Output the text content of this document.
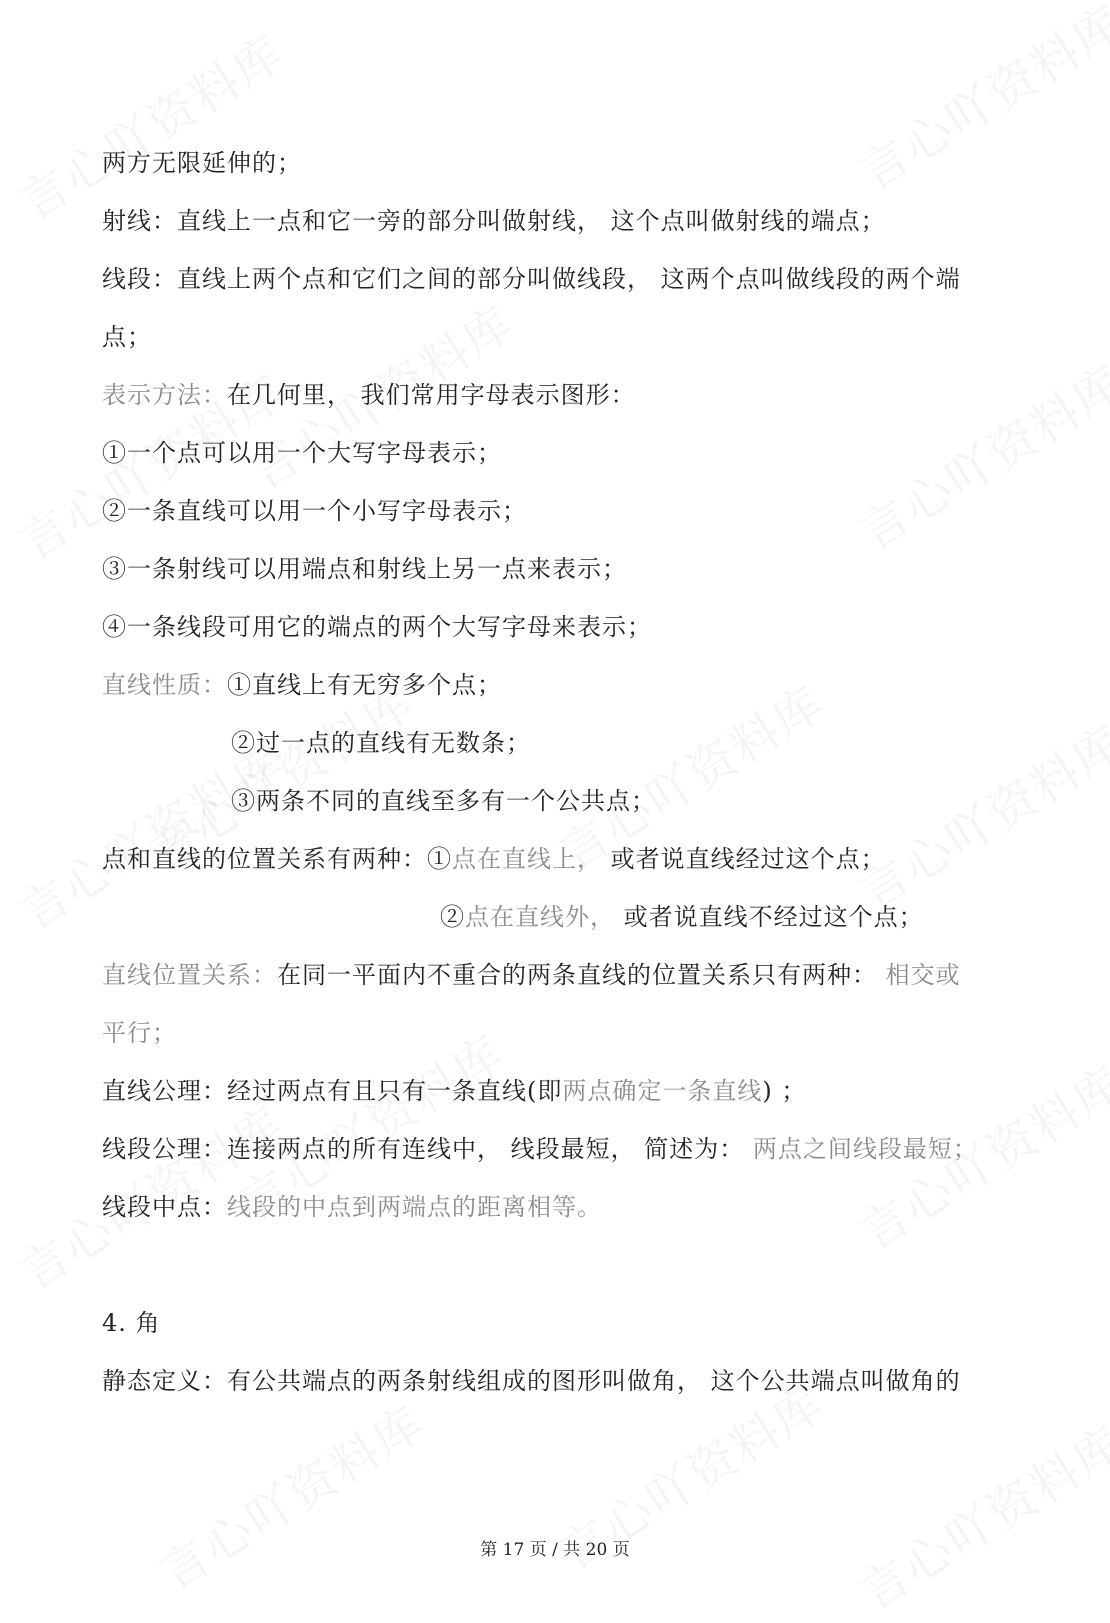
两方无限延伸的；
射线：直线上一点和它一旁的部分叫做射线， 这个点叫做射线的端点；
线段：直线上两个点和它们之间的部分叫做线段， 这两个点叫做线段的两个端
点；
表示方法：在几何里， 我们常用字母表示图形：
①一个点可以用一个大写字母表示；
②一条直线可以用一个小写字母表示；
③一条射线可以用端点和射线上另一点来表示；
④一条线段可用它的端点的两个大写字母来表示；
直线性质：①直线上有无穷多个点；
②过一点的直线有无数条；
③两条不同的直线至多有一个公共点；
点和直线的位置关系有两种：①点在直线上， 或者说直线经过这个点；
②点在直线外， 或者说直线不经过这个点；
直线位置关系：在同一平面内不重合的两条直线的位置关系只有两种： 相交或
平行；
直线公理：经过两点有且只有一条直线(即两点确定一条直线) ；
线段公理：连接两点的所有连线中， 线段最短， 简述为： 两点之间线段最短；
线段中点：线段的中点到两端点的距离相等。
4. 角
静态定义：有公共端点的两条射线组成的图形叫做角， 这个公共端点叫做角的
第 17 页 / 共 20 页
